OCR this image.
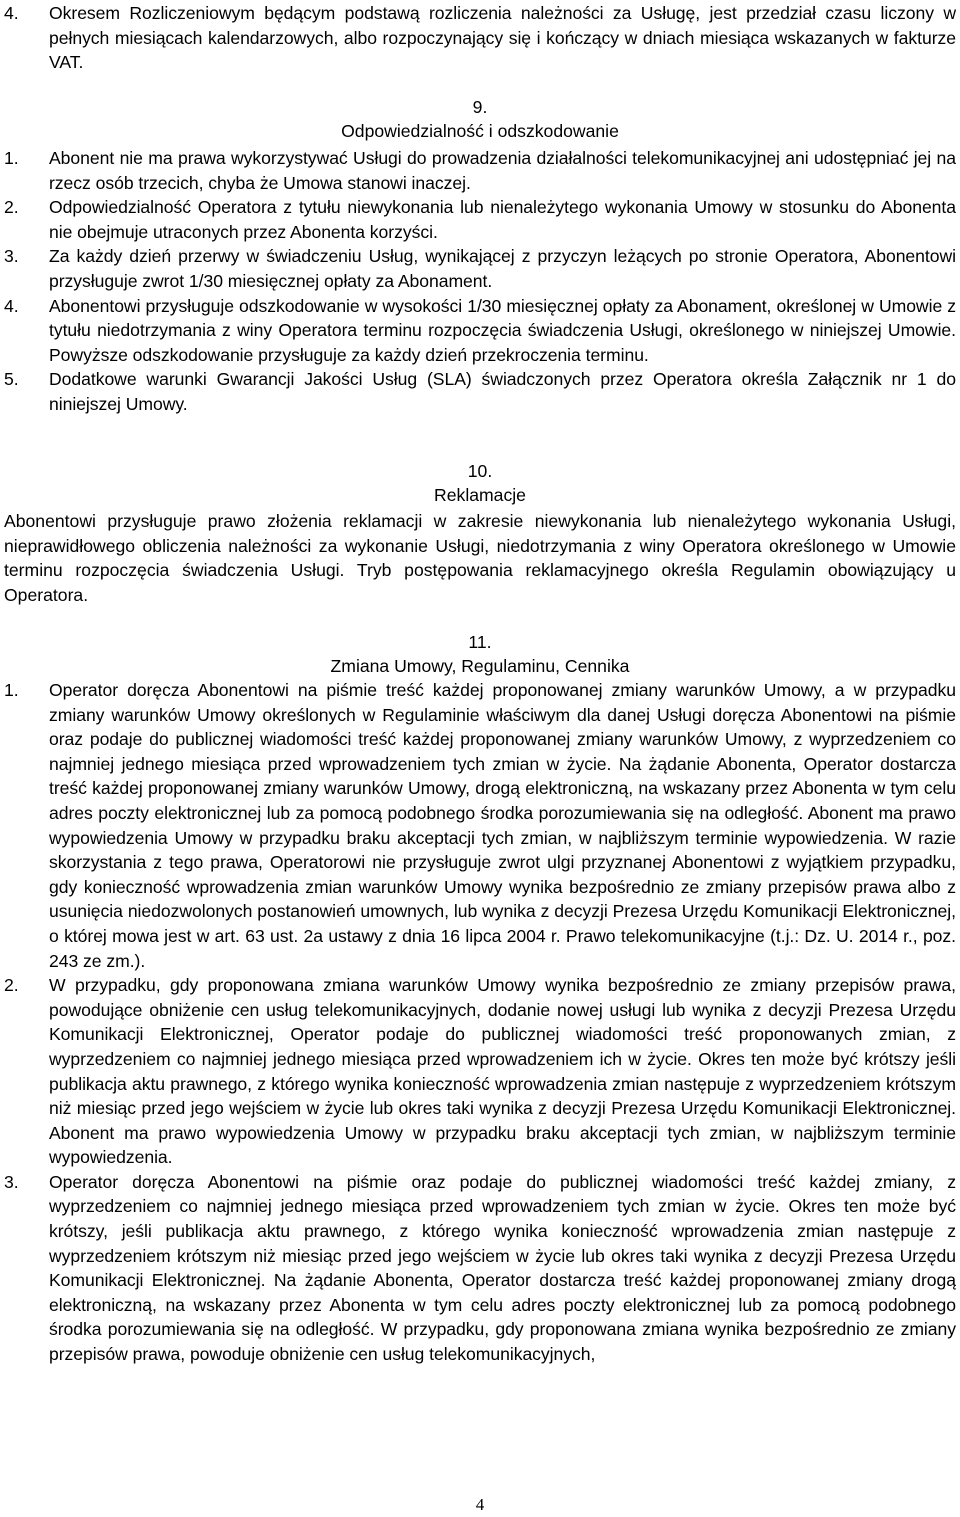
4. Okresem Rozliczeniowym będącym podstawą rozliczenia należności za Usługę, jest przedział czasu liczony w pełnych miesiącach kalendarzowych, albo rozpoczynający się i kończący w dniach miesiąca wskazanych w fakturze VAT.
9.
Odpowiedzialność i odszkodowanie
1. Abonent nie ma prawa wykorzystywać Usługi do prowadzenia działalności telekomunikacyjnej ani udostępniać jej na rzecz osób trzecich, chyba że Umowa stanowi inaczej.
2. Odpowiedzialność Operatora z tytułu niewykonania lub nienależytego wykonania Umowy w stosunku do Abonenta nie obejmuje utraconych przez Abonenta korzyści.
3. Za każdy dzień przerwy w świadczeniu Usług, wynikającej z przyczyn leżących po stronie Operatora, Abonentowi przysługuje zwrot 1/30 miesięcznej opłaty za Abonament.
4. Abonentowi przysługuje odszkodowanie w wysokości 1/30 miesięcznej opłaty za Abonament, określonej w Umowie z tytułu niedotrzymania z winy Operatora terminu rozpoczęcia świadczenia Usługi, określonego w niniejszej Umowie. Powyższe odszkodowanie przysługuje za każdy dzień przekroczenia terminu.
5. Dodatkowe warunki Gwarancji Jakości Usług (SLA) świadczonych przez Operatora określa Załącznik nr 1 do niniejszej Umowy.
10.
Reklamacje
Abonentowi przysługuje prawo złożenia reklamacji w zakresie niewykonania lub nienależytego wykonania Usługi, nieprawidłowego obliczenia należności za wykonanie Usługi, niedotrzymania z winy Operatora określonego w Umowie terminu rozpoczęcia świadczenia Usługi. Tryb postępowania reklamacyjnego określa Regulamin obowiązujący u Operatora.
11.
Zmiana Umowy, Regulaminu, Cennika
1. Operator doręcza Abonentowi na piśmie treść każdej proponowanej zmiany warunków Umowy, a w przypadku zmiany warunków Umowy określonych w Regulaminie właściwym dla danej Usługi doręcza Abonentowi na piśmie oraz podaje do publicznej wiadomości treść każdej proponowanej zmiany warunków Umowy, z wyprzedzeniem co najmniej jednego miesiąca przed wprowadzeniem tych zmian w życie. Na żądanie Abonenta, Operator dostarcza treść każdej proponowanej zmiany warunków Umowy, drogą elektroniczną, na wskazany przez Abonenta w tym celu adres poczty elektronicznej lub za pomocą podobnego środka porozumiewania się na odległość. Abonent ma prawo wypowiedzenia Umowy w przypadku braku akceptacji tych zmian, w najbliższym terminie wypowiedzenia. W razie skorzystania z tego prawa, Operatorowi nie przysługuje zwrot ulgi przyznanej Abonentowi z wyjątkiem przypadku, gdy konieczność wprowadzenia zmian warunków Umowy wynika bezpośrednio ze zmiany przepisów prawa albo z usunięcia niedozwolonych postanowień umownych, lub wynika z decyzji Prezesa Urzędu Komunikacji Elektronicznej, o której mowa jest w art. 63 ust. 2a ustawy z dnia 16 lipca 2004 r. Prawo telekomunikacyjne (t.j.: Dz. U. 2014 r., poz. 243 ze zm.).
2. W przypadku, gdy proponowana zmiana warunków Umowy wynika bezpośrednio ze zmiany przepisów prawa, powodujące obniżenie cen usług telekomunikacyjnych, dodanie nowej usługi lub wynika z decyzji Prezesa Urzędu Komunikacji Elektronicznej, Operator podaje do publicznej wiadomości treść proponowanych zmian, z wyprzedzeniem co najmniej jednego miesiąca przed wprowadzeniem ich w życie. Okres ten może być krótszy jeśli publikacja aktu prawnego, z którego wynika konieczność wprowadzenia zmian następuje z wyprzedzeniem krótszym niż miesiąc przed jego wejściem w życie lub okres taki wynika z decyzji Prezesa Urzędu Komunikacji Elektronicznej. Abonent ma prawo wypowiedzenia Umowy w przypadku braku akceptacji tych zmian, w najbliższym terminie wypowiedzenia.
3. Operator doręcza Abonentowi na piśmie oraz podaje do publicznej wiadomości treść każdej zmiany, z wyprzedzeniem co najmniej jednego miesiąca przed wprowadzeniem tych zmian w życie. Okres ten może być krótszy, jeśli publikacja aktu prawnego, z którego wynika konieczność wprowadzenia zmian następuje z wyprzedzeniem krótszym niż miesiąc przed jego wejściem w życie lub okres taki wynika z decyzji Prezesa Urzędu Komunikacji Elektronicznej. Na żądanie Abonenta, Operator dostarcza treść każdej proponowanej zmiany drogą elektroniczną, na wskazany przez Abonenta w tym celu adres poczty elektronicznej lub za pomocą podobnego środka porozumiewania się na odległość. W przypadku, gdy proponowana zmiana wynika bezpośrednio ze zmiany przepisów prawa, powoduje obniżenie cen usług telekomunikacyjnych,
4
